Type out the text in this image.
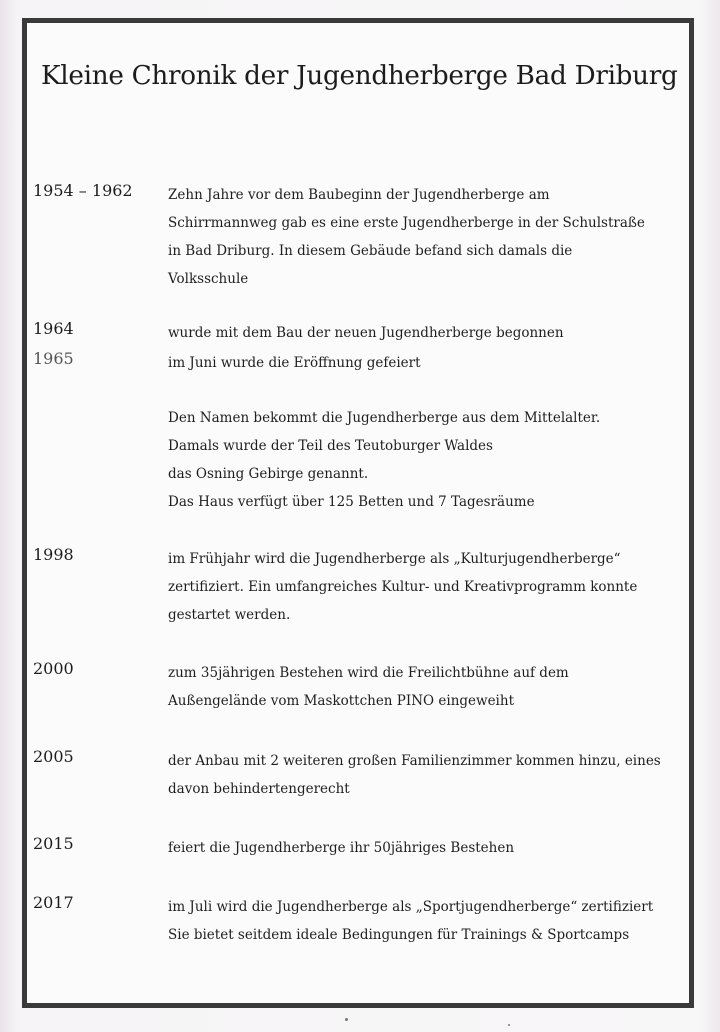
Kleine Chronik der Jugendherberge Bad Driburg
1954 – 1962	Zehn Jahre vor dem Baubeginn der Jugendherberge am
Schirrmannweg gab es eine erste Jugendherberge in der Schulstraße
in Bad Driburg. In diesem Gebäude befand sich damals die
Volksschule
1964	wurde mit dem Bau der neuen Jugendherberge begonnen
1965	im Juni wurde die Eröffnung gefeiert
Den Namen bekommt die Jugendherberge aus dem Mittelalter.
Damals wurde der Teil des Teutoburger Waldes
das Osning Gebirge genannt.
Das Haus verfügt über 125 Betten und 7 Tagesräume
1998	im Frühjahr wird die Jugendherberge als „Kulturjugendherberge“
zertifiziert. Ein umfangreiches Kultur- und Kreativprogramm konnte
gestartet werden.
2000	zum 35jährigen Bestehen wird die Freilichtbühne auf dem
Außengelände vom Maskottchen PINO eingeweiht
2005	der Anbau mit 2 weiteren großen Familienzimmer kommen hinzu, eines
davon behindertengerecht
2015	feiert die Jugendherberge ihr 50jähriges Bestehen
2017	im Juli wird die Jugendherberge als „Sportjugendherberge“ zertifiziert
Sie bietet seitdem ideale Bedingungen für Trainings & Sportcamps
